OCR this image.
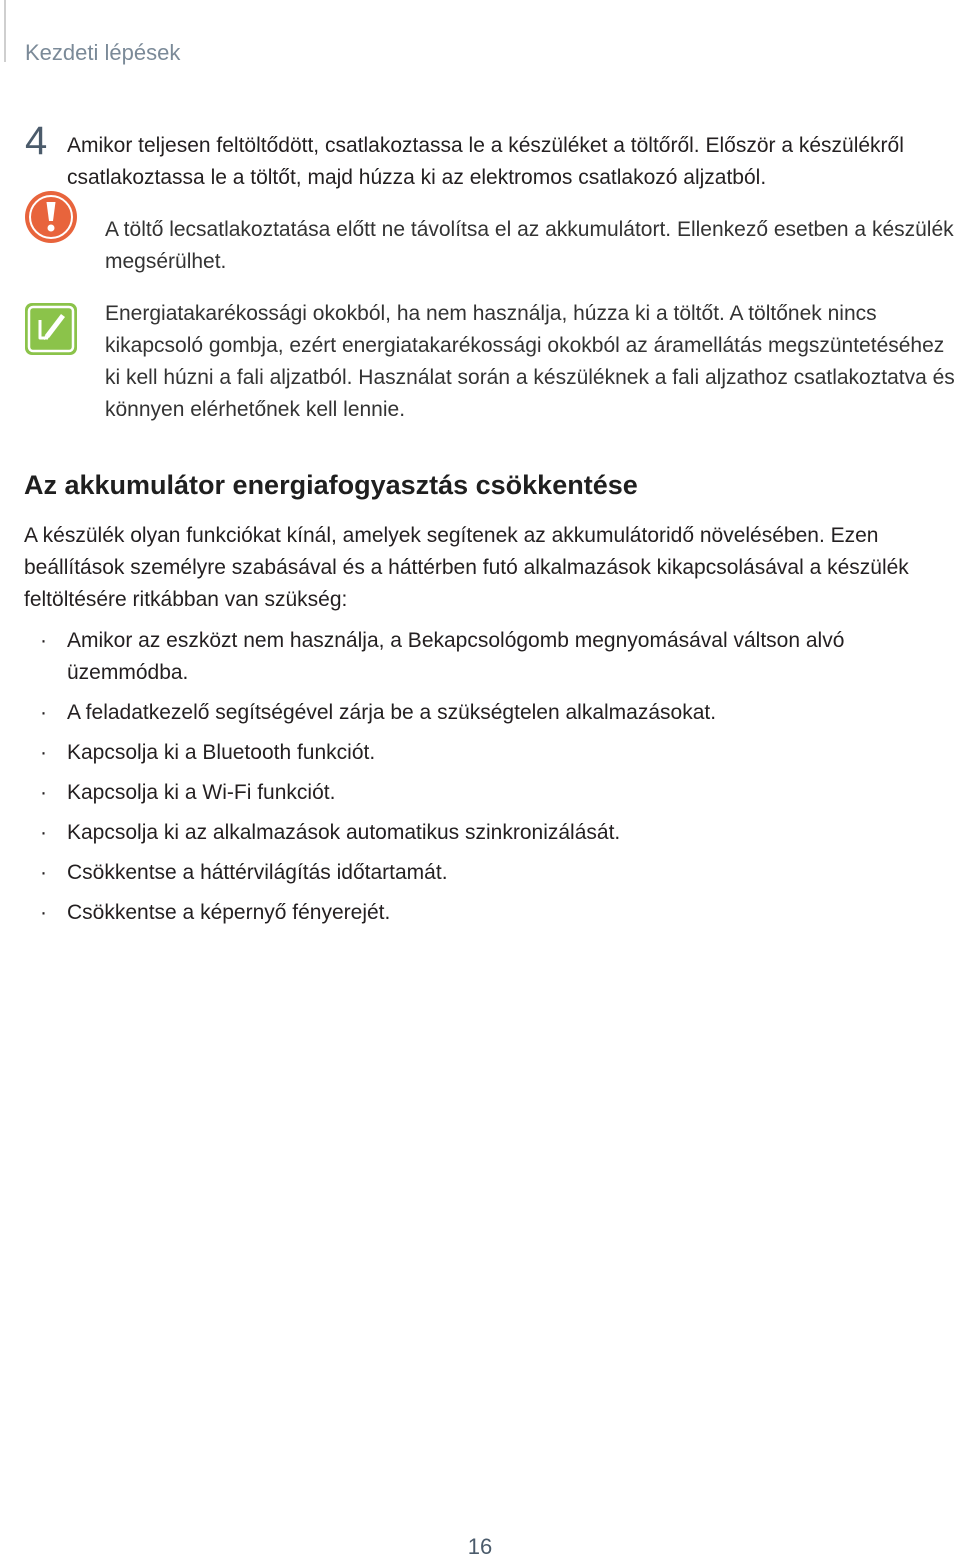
Kezdeti lépések
4 Amikor teljesen feltöltődött, csatlakoztassa le a készüléket a töltőről. Először a készülékről csatlakoztassa le a töltőt, majd húzza ki az elektromos csatlakozó aljzatból.
A töltő lecsatlakoztatása előtt ne távolítsa el az akkumulátort. Ellenkező esetben a készülék megsérülhet.
Energiatakarékossági okokból, ha nem használja, húzza ki a töltőt. A töltőnek nincs kikapcsoló gombja, ezért energiatakarékossági okokból az áramellátás megszüntetéséhez ki kell húzni a fali aljzatból. Használat során a készüléknek a fali aljzathoz csatlakoztatva és könnyen elérhetőnek kell lennie.
Az akkumulátor energiafogyasztás csökkentése
A készülék olyan funkciókat kínál, amelyek segítenek az akkumulátoridő növelésében. Ezen beállítások személyre szabásával és a háttérben futó alkalmazások kikapcsolásával a készülék feltöltésére ritkábban van szükség:
· Amikor az eszközt nem használja, a Bekapcsológomb megnyomásával váltson alvó üzemmódba.
· A feladatkezelő segítségével zárja be a szükségtelen alkalmazásokat.
· Kapcsolja ki a Bluetooth funkciót.
· Kapcsolja ki a Wi-Fi funkciót.
· Kapcsolja ki az alkalmazások automatikus szinkronizálását.
· Csökkentse a háttérvilágítás időtartamát.
· Csökkentse a képernyő fényerejét.
16
